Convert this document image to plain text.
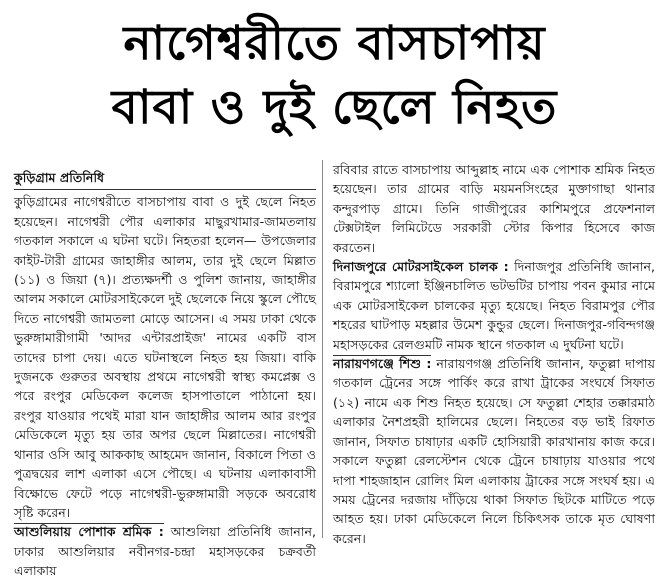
নাগেশ্বরীতে বাসচাপায়
বাবা ও দুই ছেলে নিহত
কুড়িগ্রাম প্রতিনিধি
কুড়িগ্রামের নাগেশ্বরীতে বাসচাপায় বাবা ও দুই ছেলে নিহত হয়েছেন। নাগেশ্বরী পৌর এলাকার মাছুরখামার-জামতলায় গতকাল সকালে এ ঘটনা ঘটে। নিহতরা হলেন— উপজেলার কাইট-টারী গ্রামের জাহাঙ্গীর আলম, তার দুই ছেলে মিল্লাত (১১) ও জিয়া (৭)। প্রত্যক্ষদর্শী ও পুলিশ জানায়, জাহাঙ্গীর আলম সকালে মোটরসাইকেলে দুই ছেলেকে নিয়ে স্কুলে পৌছে দিতে নাগেশ্বরী জামতলা মোড়ে আসেন। এ সময় ঢাকা থেকে ভুরুঙ্গামারীগামী 'আদর এন্টারপ্রাইজ' নামের একটি বাস তাদের চাপা দেয়। এতে ঘটনাস্থলে নিহত হয় জিয়া। বাকি দুজনকে গুরুতর অবস্থায় প্রথমে নাগেশ্বরী স্বাস্থ্য কমপ্লেক্স ও পরে রংপুর মেডিকেল কলেজ হাসপাতালে পাঠানো হয়। রংপুর যাওয়ার পথেই মারা যান জাহাঙ্গীর আলম আর রংপুর মেডিকেলে মৃত্যু হয় তার অপর ছেলে মিল্লাতের। নাগেশ্বরী থানার ওসি আবু আককাছ আহমেদ জানান, বিকালে পিতা ও পুত্রদ্বয়ের লাশ এলাকা এসে পৌছে। এ ঘটনায় এলাকাবাসী বিক্ষোভে ফেটে পড়ে নাগেশ্বরী-ভুরুঙ্গামারী সড়কে অবরোধ সৃষ্টি করেন।
আশুলিয়ায় পোশাক শ্রমিক : আশুলিয়া প্রতিনিধি জানান, ঢাকার আশুলিয়ার নবীনগর-চন্দ্রা মহাসড়কের চক্রবর্তী এলাকায়
রবিবার রাতে বাসচাপায় আব্দুল্লাহ নামে এক পোশাক শ্রমিক নিহত হয়েছেন। তার গ্রামের বাড়ি ময়মনসিংহের মুক্তাগাছা থানার কন্দুরপাড় গ্রামে। তিনি গাজীপুরের কাশিমপুরে প্রফেশনাল টেক্সটাইল লিমিটেডে সরকারী স্টোর কিপার হিসেবে কাজ করতেন।
দিনাজপুরে মোটরসাইকেল চালক : দিনাজপুর প্রতিনিধি জানান, বিরামপুরে শ্যালো ইঞ্জিনচালিত ভটভটির চাপায় পবন কুমার নামে এক মোটরসাইকেল চালকের মৃত্যু হয়েছে। নিহত বিরামপুর পৌর শহরের ঘাটপাড় মহল্লার উমেশ কুন্ডুর ছেলে। দিনাজপুর-গবিন্দগঞ্জ মহাসড়কের রেলগুমটি নামক স্থানে গতকাল এ দুর্ঘটনা ঘটে।
নারায়ণগঞ্জে শিশু : নারায়ণগঞ্জ প্রতিনিধি জানান, ফতুল্লা দাপায় গতকাল ট্রেনের সঙ্গে পার্কিং করে রাখা ট্রাকের সংঘর্ষে সিফাত (১২) নামে এক শিশু নিহত হয়েছে। সে ফতুল্লা শেহার তক্কারমাঠ এলাকার নৈশপ্রহরী হালিমের ছেলে। নিহতের বড় ভাই রিফাত জানান, সিফাত চাষাঢ়ার একটি হোসিয়ারী কারখানায় কাজ করে। সকালে ফতুল্লা রেলস্টেশন থেকে ট্রেনে চাষাঢ়ায় যাওয়ার পথে দাপা শাহজাহান রোলিং মিল এলাকায় ট্রাকের সঙ্গে সংঘর্ষ হয়। এ সময় ট্রেনের দরজায় দাঁড়িয়ে থাকা সিফাত ছিটকে মাটিতে পড়ে আহত হয়। ঢাকা মেডিকেলে নিলে চিকিৎসক তাকে মৃত ঘোষণা করেন।
